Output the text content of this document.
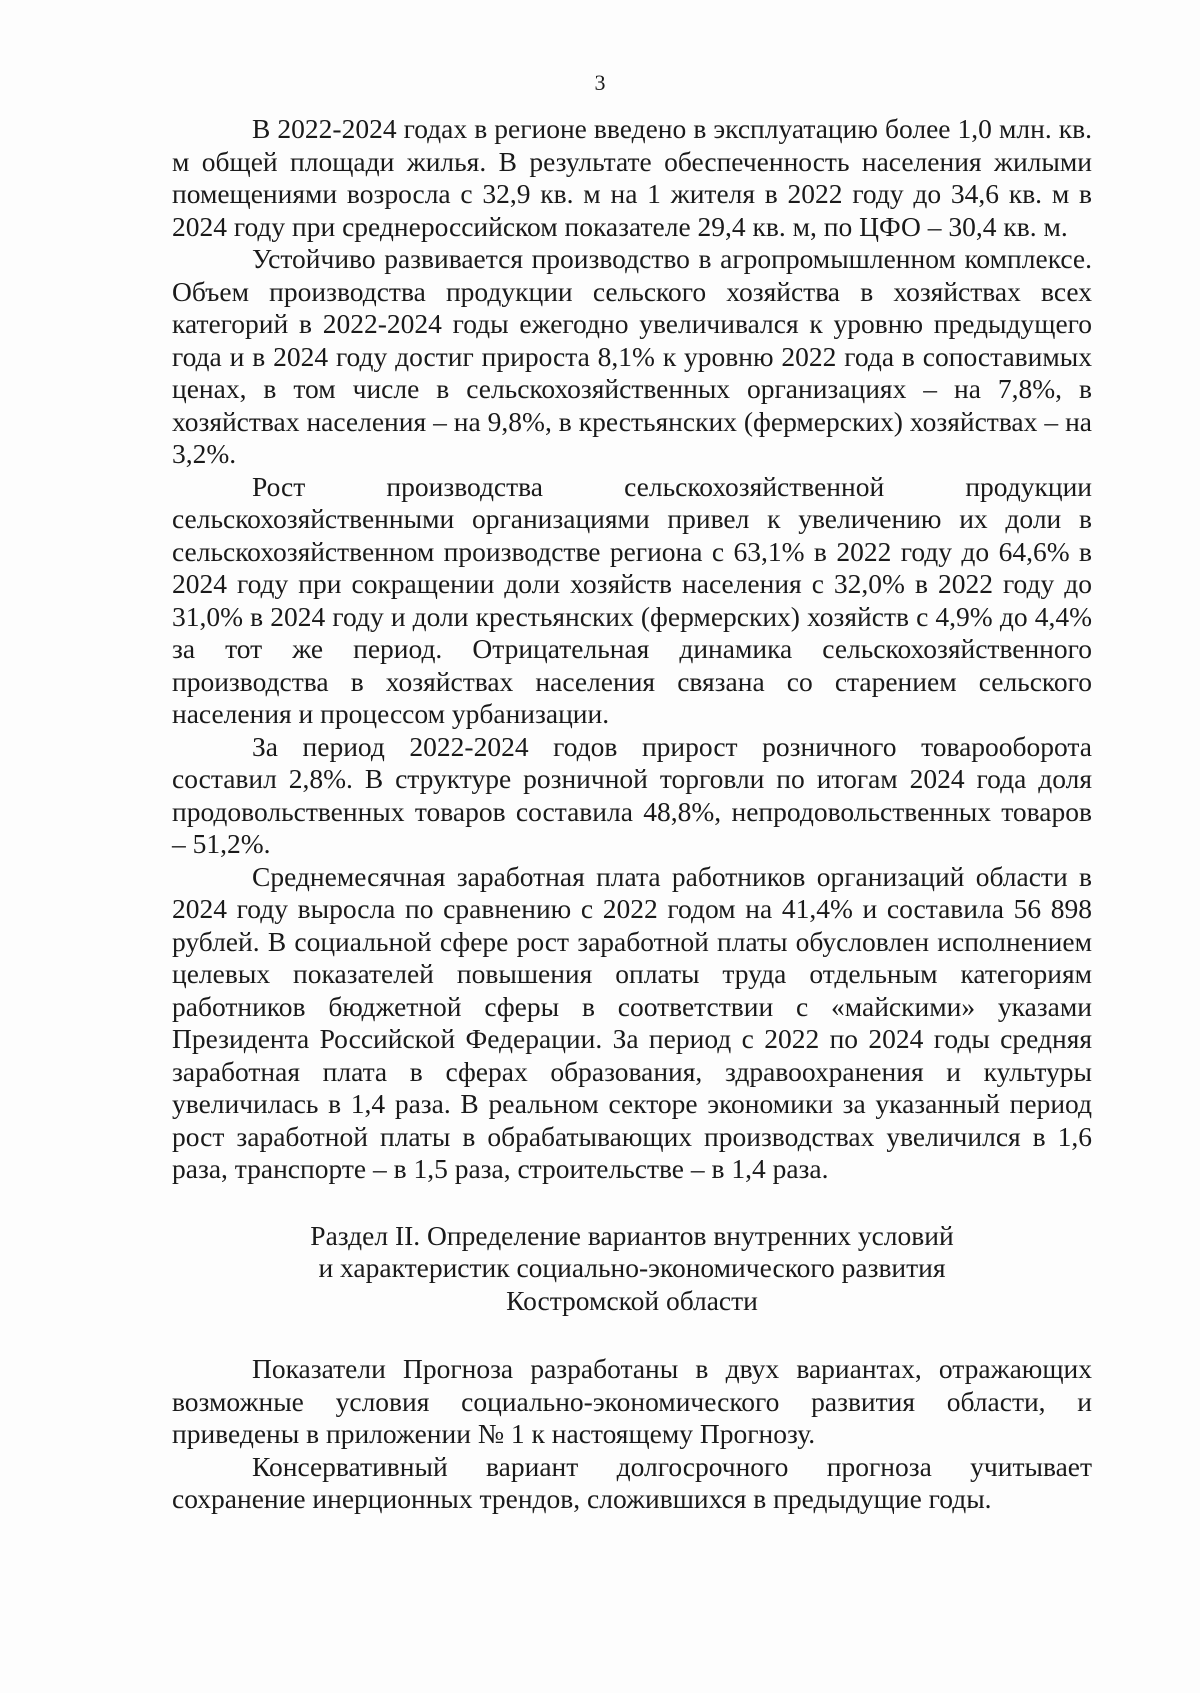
3

В 2022-2024 годах в регионе введено в эксплуатацию более 1,0 млн. кв. м общей площади жилья. В результате обеспеченность населения жилыми помещениями возросла с 32,9 кв. м на 1 жителя в 2022 году до 34,6 кв. м в 2024 году при среднероссийском показателе 29,4 кв. м, по ЦФО – 30,4 кв. м.

Устойчиво развивается производство в агропромышленном комплексе. Объем производства продукции сельского хозяйства в хозяйствах всех категорий в 2022-2024 годы ежегодно увеличивался к уровню предыдущего года и в 2024 году достиг прироста 8,1% к уровню 2022 года в сопоставимых ценах, в том числе в сельскохозяйственных организациях – на 7,8%, в хозяйствах населения – на 9,8%, в крестьянских (фермерских) хозяйствах – на 3,2%.

Рост производства сельскохозяйственной продукции сельскохозяйственными организациями привел к увеличению их доли в сельскохозяйственном производстве региона с 63,1% в 2022 году до 64,6% в 2024 году при сокращении доли хозяйств населения с 32,0% в 2022 году до 31,0% в 2024 году и доли крестьянских (фермерских) хозяйств с 4,9% до 4,4% за тот же период. Отрицательная динамика сельскохозяйственного производства в хозяйствах населения связана со старением сельского населения и процессом урбанизации.

За период 2022-2024 годов прирост розничного товарооборота составил 2,8%. В структуре розничной торговли по итогам 2024 года доля продовольственных товаров составила 48,8%, непродовольственных товаров – 51,2%.

Среднемесячная заработная плата работников организаций области в 2024 году выросла по сравнению с 2022 годом на 41,4% и составила 56 898 рублей. В социальной сфере рост заработной платы обусловлен исполнением целевых показателей повышения оплаты труда отдельным категориям работников бюджетной сферы в соответствии с «майскими» указами Президента Российской Федерации. За период с 2022 по 2024 годы средняя заработная плата в сферах образования, здравоохранения и культуры увеличилась в 1,4 раза. В реальном секторе экономики за указанный период рост заработной платы в обрабатывающих производствах увеличился в 1,6 раза, транспорте – в 1,5 раза, строительстве – в 1,4 раза.

Раздел II. Определение вариантов внутренних условий
и характеристик социально-экономического развития
Костромской области

Показатели Прогноза разработаны в двух вариантах, отражающих возможные условия социально-экономического развития области, и приведены в приложении № 1 к настоящему Прогнозу.

Консервативный вариант долгосрочного прогноза учитывает сохранение инерционных трендов, сложившихся в предыдущие годы.
